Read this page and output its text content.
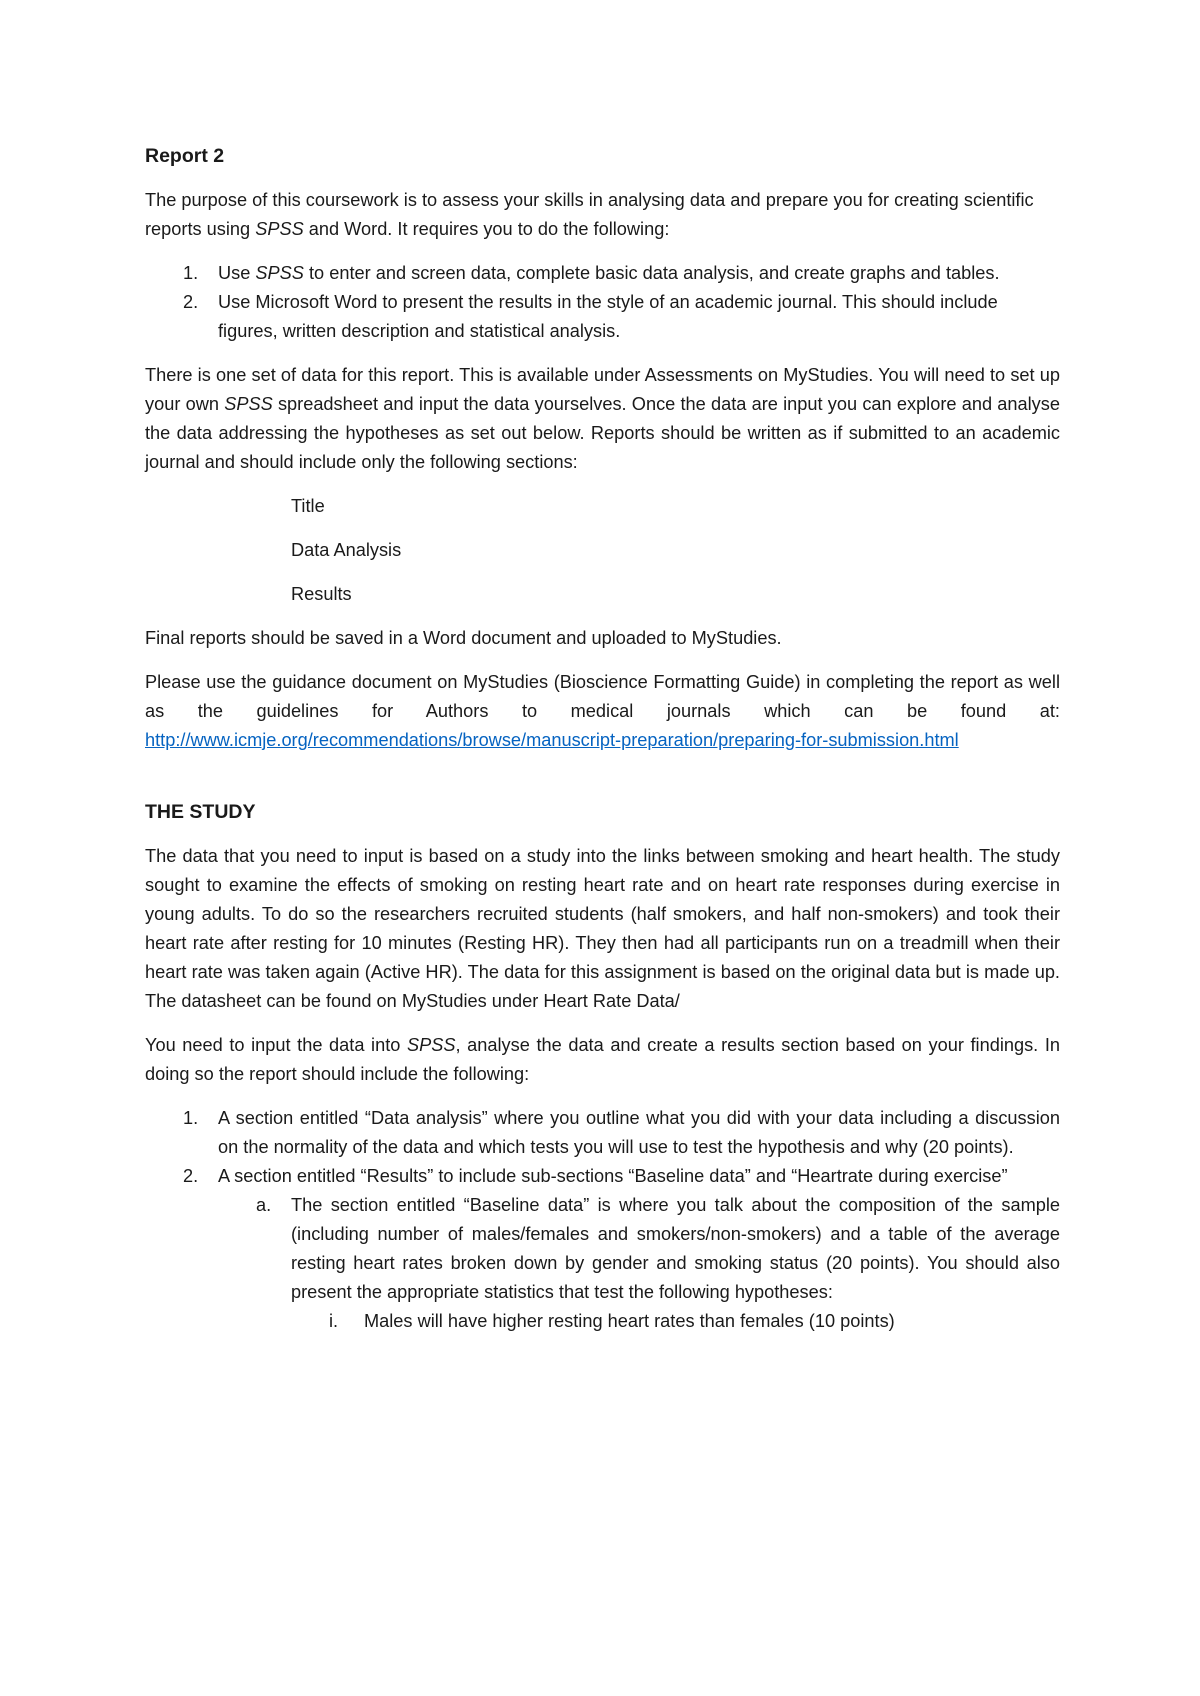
Report 2

The purpose of this coursework is to assess your skills in analysing data and prepare you for creating scientific reports using SPSS and Word. It requires you to do the following:

1. Use SPSS to enter and screen data, complete basic data analysis, and create graphs and tables.
2. Use Microsoft Word to present the results in the style of an academic journal. This should include figures, written description and statistical analysis.

There is one set of data for this report. This is available under Assessments on MyStudies. You will need to set up your own SPSS spreadsheet and input the data yourselves. Once the data are input you can explore and analyse the data addressing the hypotheses as set out below. Reports should be written as if submitted to an academic journal and should include only the following sections:

Title

Data Analysis

Results

Final reports should be saved in a Word document and uploaded to MyStudies.

Please use the guidance document on MyStudies (Bioscience Formatting Guide) in completing the report as well as the guidelines for Authors to medical journals which can be found at: http://www.icmje.org/recommendations/browse/manuscript-preparation/preparing-for-submission.html

THE STUDY

The data that you need to input is based on a study into the links between smoking and heart health. The study sought to examine the effects of smoking on resting heart rate and on heart rate responses during exercise in young adults. To do so the researchers recruited students (half smokers, and half non-smokers) and took their heart rate after resting for 10 minutes (Resting HR). They then had all participants run on a treadmill when their heart rate was taken again (Active HR). The data for this assignment is based on the original data but is made up. The datasheet can be found on MyStudies under Heart Rate Data/

You need to input the data into SPSS, analyse the data and create a results section based on your findings. In doing so the report should include the following:

1. A section entitled “Data analysis” where you outline what you did with your data including a discussion on the normality of the data and which tests you will use to test the hypothesis and why (20 points).
2. A section entitled “Results” to include sub-sections “Baseline data” and “Heartrate during exercise”
a. The section entitled “Baseline data” is where you talk about the composition of the sample (including number of males/females and smokers/non-smokers) and a table of the average resting heart rates broken down by gender and smoking status (20 points). You should also present the appropriate statistics that test the following hypotheses:
i. Males will have higher resting heart rates than females (10 points)
